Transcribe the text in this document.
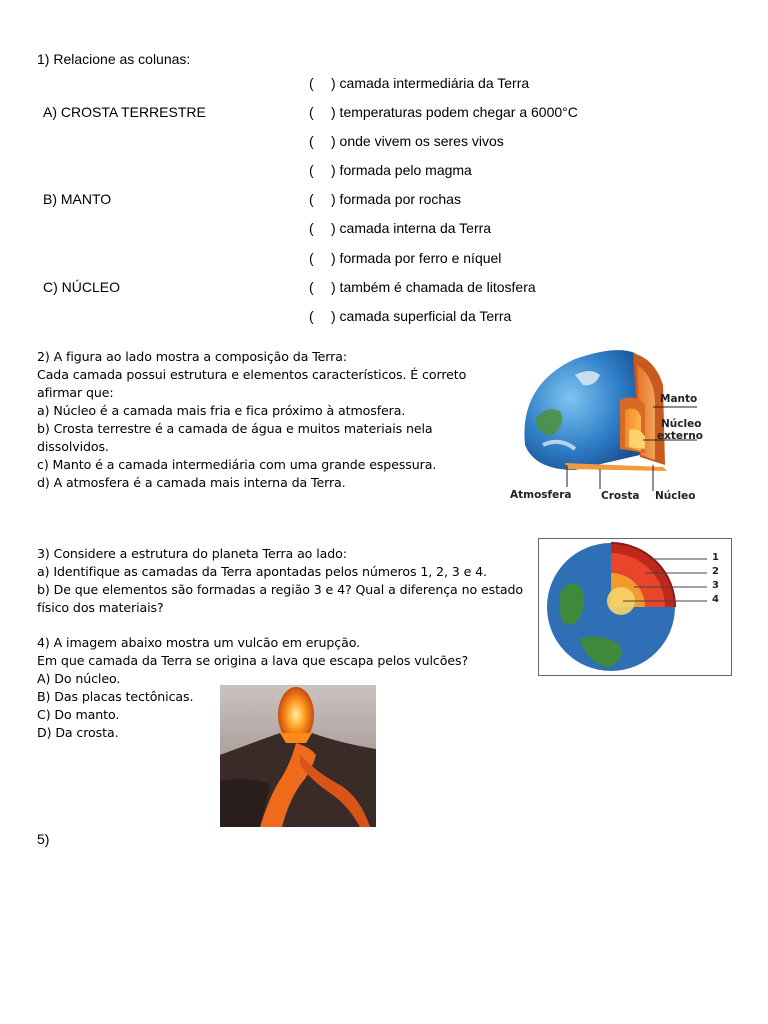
1) Relacione as colunas:
A) CROSTA TERRESTRE
B) MANTO
C) NÚCLEO
( ) camada intermediária da Terra
( ) temperaturas podem chegar a 6000°C
( ) onde vivem os seres vivos
( ) formada pelo magma
( ) formada por rochas
( ) camada interna da Terra
( ) formada por ferro e níquel
( ) também é chamada de litosfera
( ) camada superficial da Terra
2) A figura ao lado mostra a composição da Terra:
Cada camada possui estrutura e elementos característicos. É correto
afirmar que:
a) Núcleo é a camada mais fria e fica próximo à atmosfera.
b) Crosta terrestre é a camada de água e muitos materiais nela
dissolvidos.
c) Manto é a camada intermediária com uma grande espessura.
d) A atmosfera é a camada mais interna da Terra.
Manto
Núcleo
externo
Atmosfera	Crosta Núcleo
3) Considere a estrutura do planeta Terra ao lado:
a) Identifique as camadas da Terra apontadas pelos números 1, 2, 3 e 4.
b) De que elementos são formadas a região 3 e 4? Qual a diferença no estado
físico dos materiais?
1
2
3
4
4) A imagem abaixo mostra um vulcão em erupção.
Em que camada da Terra se origina a lava que escapa pelos vulcões?
A) Do núcleo.
B) Das placas tectônicas.
C) Do manto.
D) Da crosta.
5)
